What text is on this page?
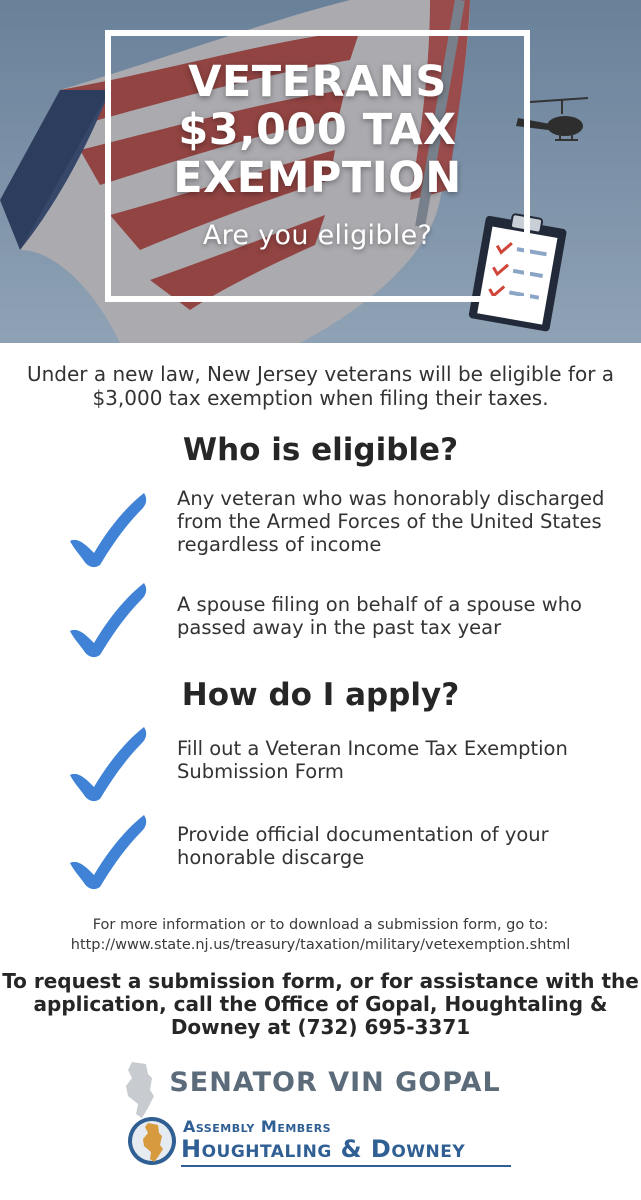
VETERANS
$3,000 TAX
EXEMPTION
Are you eligible?
Under a new law, New Jersey veterans will be eligible for a $3,000 tax exemption when filing their taxes.
Who is eligible?
Any veteran who was honorably discharged from the Armed Forces of the United States regardless of income
A spouse filing on behalf of a spouse who passed away in the past tax year
How do I apply?
Fill out a Veteran Income Tax Exemption Submission Form
Provide official documentation of your honorable discarge
For more information or to download a submission form, go to:
http://www.state.nj.us/treasury/taxation/military/vetexemption.shtml
To request a submission form, or for assistance with the application, call the Office of Gopal, Houghtaling & Downey at (732) 695-3371
SENATOR VIN GOPAL
Assembly Members
Houghtaling & Downey
